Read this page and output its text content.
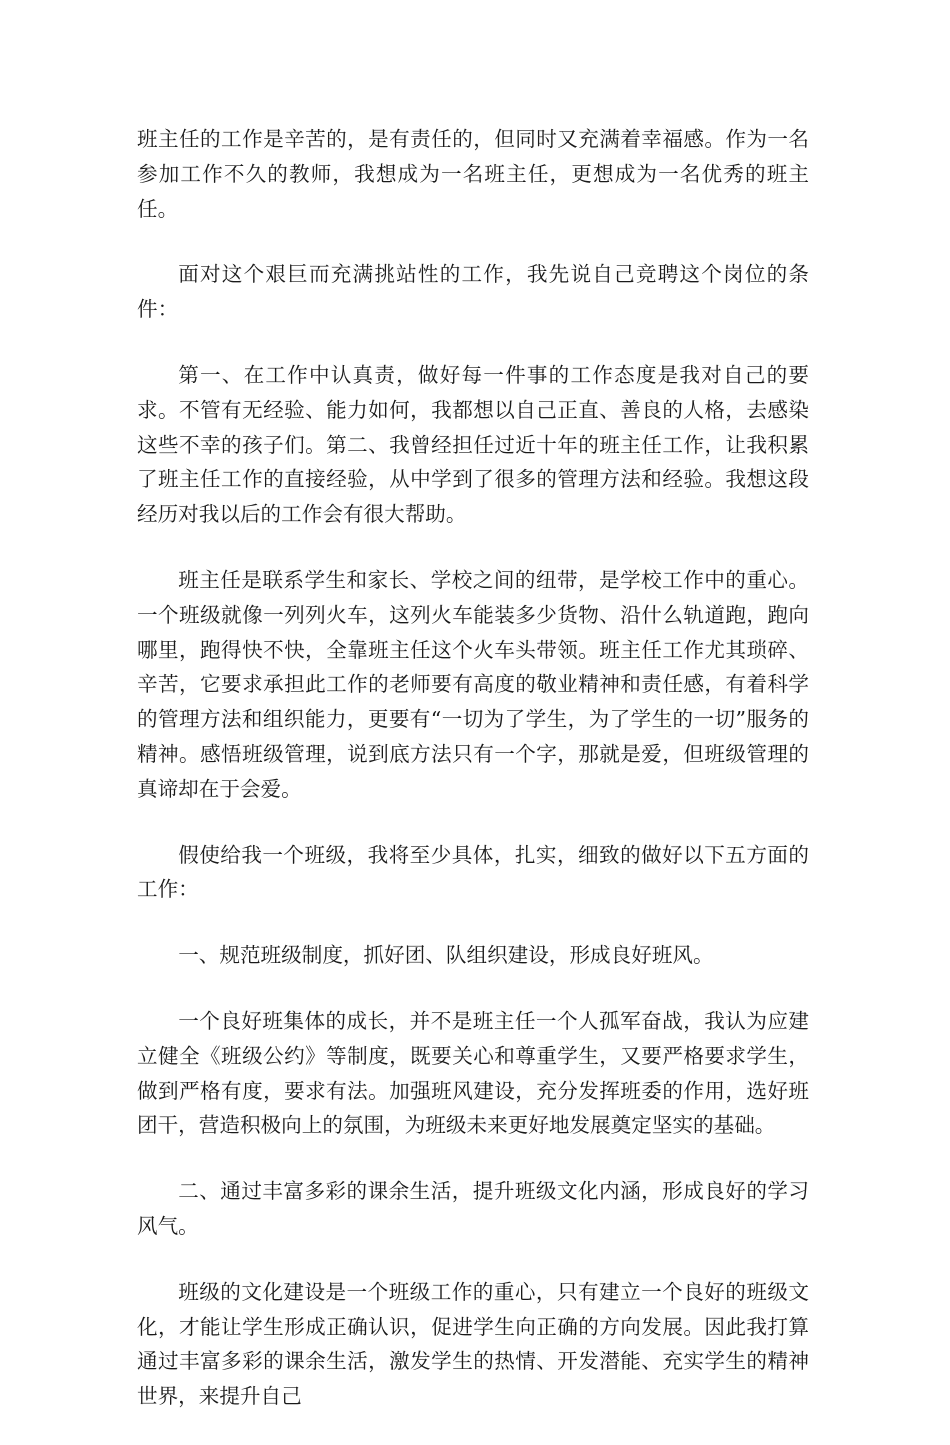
班主任的工作是辛苦的，是有责任的，但同时又充满着幸福感。作为一名参加工作不久的教师，我想成为一名班主任，更想成为一名优秀的班主任。

面对这个艰巨而充满挑站性的工作，我先说自己竞聘这个岗位的条件：

第一、在工作中认真责，做好每一件事的工作态度是我对自己的要求。不管有无经验、能力如何，我都想以自己正直、善良的人格，去感染这些不幸的孩子们。第二、我曾经担任过近十年的班主任工作，让我积累了班主任工作的直接经验，从中学到了很多的管理方法和经验。我想这段经历对我以后的工作会有很大帮助。

班主任是联系学生和家长、学校之间的纽带，是学校工作中的重心。一个班级就像一列列火车，这列火车能装多少货物、沿什么轨道跑，跑向哪里，跑得快不快，全靠班主任这个火车头带领。班主任工作尤其琐碎、辛苦，它要求承担此工作的老师要有高度的敬业精神和责任感，有着科学的管理方法和组织能力，更要有“一切为了学生，为了学生的一切”服务的精神。感悟班级管理，说到底方法只有一个字，那就是爱，但班级管理的真谛却在于会爱。

假使给我一个班级，我将至少具体，扎实，细致的做好以下五方面的工作：

一、规范班级制度，抓好团、队组织建设，形成良好班风。

一个良好班集体的成长，并不是班主任一个人孤军奋战，我认为应建立健全《班级公约》等制度，既要关心和尊重学生，又要严格要求学生，做到严格有度，要求有法。加强班风建设，充分发挥班委的作用，选好班团干，营造积极向上的氛围，为班级未来更好地发展奠定坚实的基础。

二、通过丰富多彩的课余生活，提升班级文化内涵，形成良好的学习风气。

班级的文化建设是一个班级工作的重心，只有建立一个良好的班级文化，才能让学生形成正确认识，促进学生向正确的方向发展。因此我打算通过丰富多彩的课余生活，激发学生的热情、开发潜能、充实学生的精神世界，来提升自己
